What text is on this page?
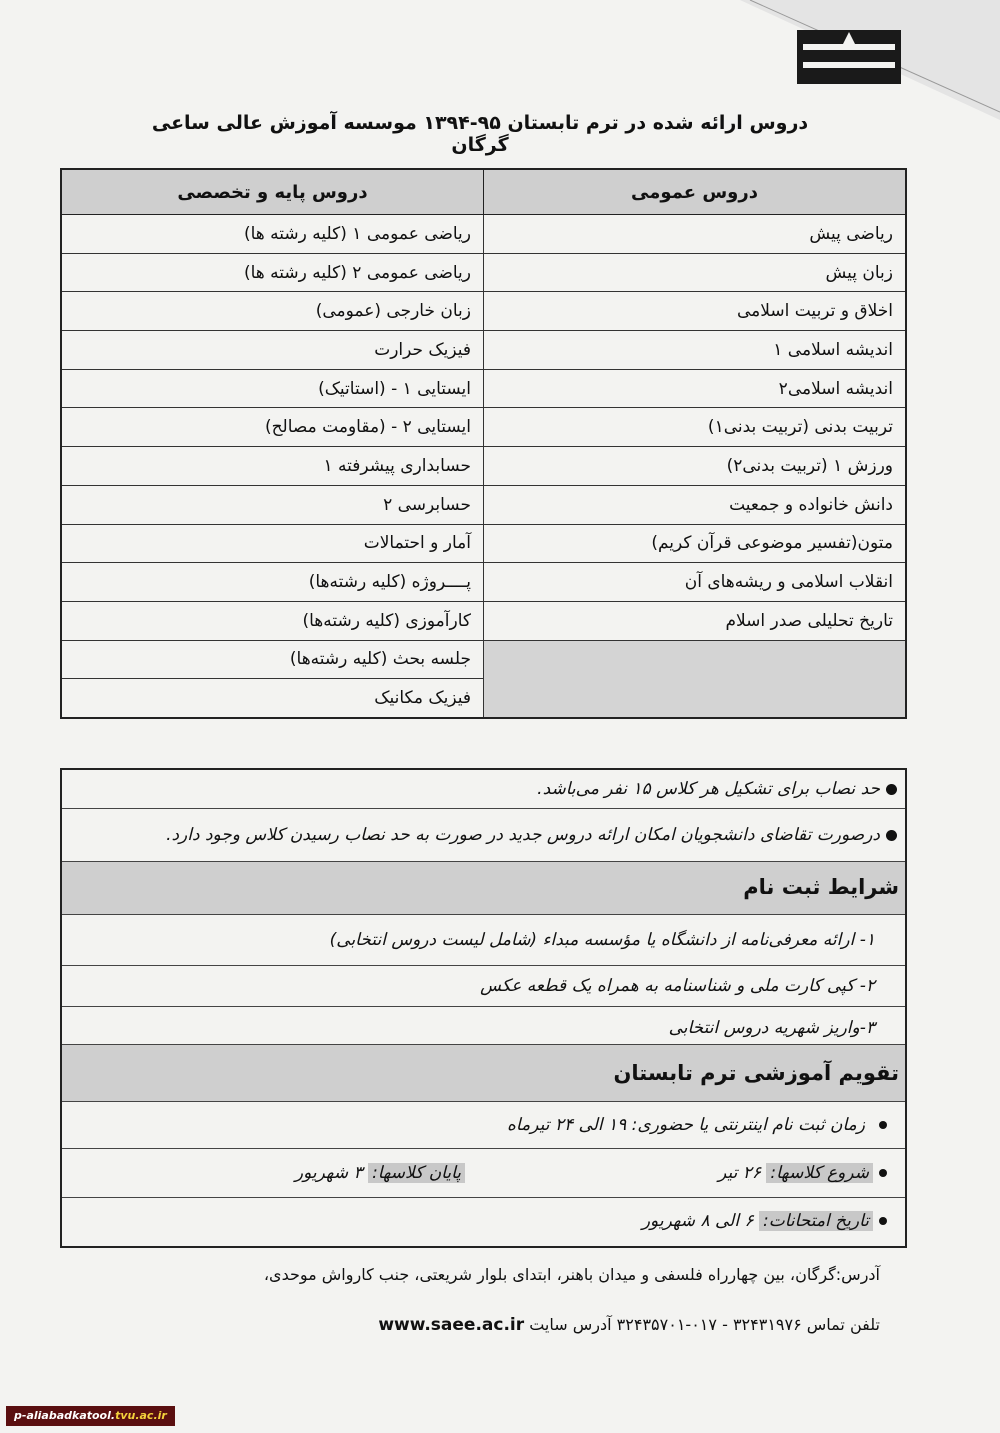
دروس ارائه شده در ترم تابستان ۹۵-۱۳۹۴ موسسه آموزش عالی ساعی گرگان
دروس عمومی	دروس پایه و تخصصی
ریاضی پیش	ریاضی عمومی ۱ (کلیه رشته ها)
زبان پیش	ریاضی عمومی ۲ (کلیه رشته ها)
اخلاق و تربیت اسلامی	زبان خارجی (عمومی)
اندیشه اسلامی ۱	فیزیک حرارت
اندیشه اسلامی۲	ایستایی ۱ - (استاتیک)
تربیت بدنی (تربیت بدنی۱)	ایستایی ۲ - (مقاومت مصالح)
ورزش ۱ (تربیت بدنی۲)	حسابداری پیشرفته ۱
دانش خانواده و جمعیت	حسابرسی ۲
متون(تفسیر موضوعی قرآن کریم)	آمار و احتمالات
انقلاب اسلامی و ریشه‌های آن	پــــروژه (کلیه رشته‌ها)
تاریخ تحلیلی صدر اسلام	کارآموزی (کلیه رشته‌ها)
	جلسه بحث (کلیه رشته‌ها)
	فیزیک مکانیک
حد نصاب برای تشکیل هر کلاس ۱۵ نفر می‌باشد.
درصورت تقاضای دانشجویان امکان ارائه دروس جدید در صورت به حد نصاب رسیدن کلاس وجود دارد.
شرایط ثبت نام
۱- ارائه معرفی‌نامه از دانشگاه یا مؤسسه مبداء (شامل لیست دروس انتخابی)
۲- کپی کارت ملی و شناسنامه به همراه یک قطعه عکس
۳-واریز شهریه دروس انتخابی
تقویم آموزشی ترم تابستان
زمان ثبت نام اینترنتی یا حضوری: ۱۹ الی ۲۴ تیرماه
شروع کلاسها: ۲۶ تیر
پایان کلاسها: ۳ شهریور
تاریخ امتحانات: ۶ الی ۸ شهریور
آدرس:گرگان، بین چهارراه فلسفی و میدان باهنر، ابتدای بلوار شریعتی، جنب کارواش موحدی،
تلفن تماس ۳۲۴۳۱۹۷۶ - ۰۱۷-۳۲۴۳۵۷۰۱ آدرس سایت www.saee.ac.ir
p-aliabadkatool.tvu.ac.ir
